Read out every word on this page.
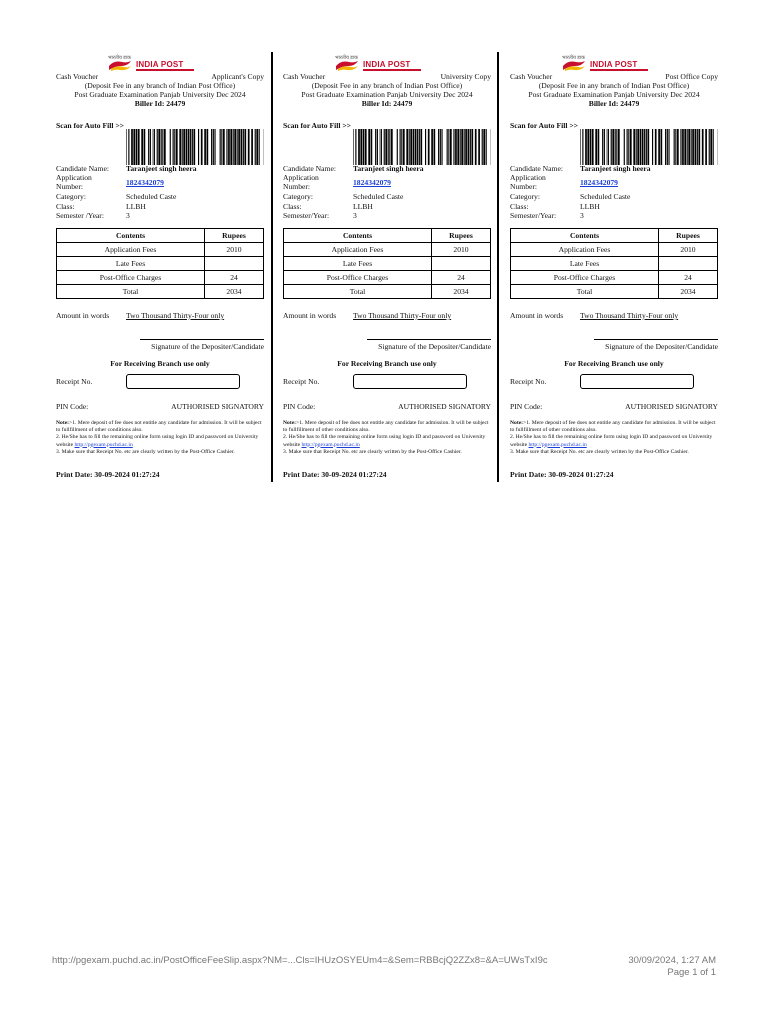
भारतीय डाक
INDIA POST
Cash Voucher	Applicant's Copy
(Deposit Fee in any branch of Indian Post Office)
Post Graduate Examination Panjab University Dec 2024
Biller Id: 24479
Scan for Auto Fill >>
Candidate Name:	Taranjeet singh heera
Application
1824342079
Number:
Category:	Scheduled Caste
Class:	LLBH
Semester /Year:	3
Contents	Rupees
Application Fees	2010
Late Fees	
Post-Office Charges	24
Total	2034
Amount in words Two Thousand Thirty-Four only
Signature of the Depositer/Candidate
For Receiving Branch use only
Receipt No.
PIN Code:	AUTHORISED SIGNATORY
Note:>1. Mere deposit of fee does not entitle any candidate for admission. It will be subject to fullfillment of other conditions also.
2. He/She has to fill the remaining online form using login ID and password on University website http://pgexam.puchd.ac.in
3. Make sure that Receipt No. etc are clearly written by the Post-Office Cashier.
Print Date: 30-09-2024 01:27:24
भारतीय डाक
INDIA POST
Cash Voucher	University Copy
(Deposit Fee in any branch of Indian Post Office)
Post Graduate Examination Panjab University Dec 2024
Biller Id: 24479
Scan for Auto Fill >>
Candidate Name:	Taranjeet singh heera
Application
1824342079
Number:
Category:	Scheduled Caste
Class:	LLBH
Semester/Year:	3
Contents	Rupees
Application Fees	2010
Late Fees	
Post-Office Charges	24
Total	2034
Amount in words Two Thousand Thirty-Four only
Signature of the Depositer/Candidate
For Receiving Branch use only
Receipt No.
PIN Code:	AUTHORISED SIGNATORY
Note:>1. Mere deposit of fee does not entitle any candidate for admission. It will be subject to fullfillment of other conditions also.
2. He/She has to fill the remaining online form using login ID and password on University website http://pgexam.puchd.ac.in
3. Make sure that Receipt No. etc are clearly written by the Post-Office Cashier.
Print Date: 30-09-2024 01:27:24
भारतीय डाक
INDIA POST
Cash Voucher	Post Office Copy
(Deposit Fee in any branch of Indian Post Office)
Post Graduate Examination Panjab University Dec 2024
Biller Id: 24479
Scan for Auto Fill >>
Candidate Name:	Taranjeet singh heera
Application
1824342079
Number:
Category:	Scheduled Caste
Class:	LLBH
Semester/Year:	3
Contents	Rupees
Application Fees	2010
Late Fees	
Post-Office Charges	24
Total	2034
Amount in words Two Thousand Thirty-Four only
Signature of the Depositer/Candidate
For Receiving Branch use only
Receipt No.
PIN Code:	AUTHORISED SIGNATORY
Note:>1. Mere deposit of fee does not entitle any candidate for admission. It will be subject to fullfillment of other conditions also.
2. He/She has to fill the remaining online form using login ID and password on University website http://pgexam.puchd.ac.in
3. Make sure that Receipt No. etc are clearly written by the Post-Office Cashier.
Print Date: 30-09-2024 01:27:24
http://pgexam.puchd.ac.in/PostOfficeFeeSlip.aspx?NM=...Cls=IHUzOSYEUm4=&Sem=RBBcjQ2ZZx8=&A=UWsTxI9c	30/09/2024, 1:27 AM
Page 1 of 1
